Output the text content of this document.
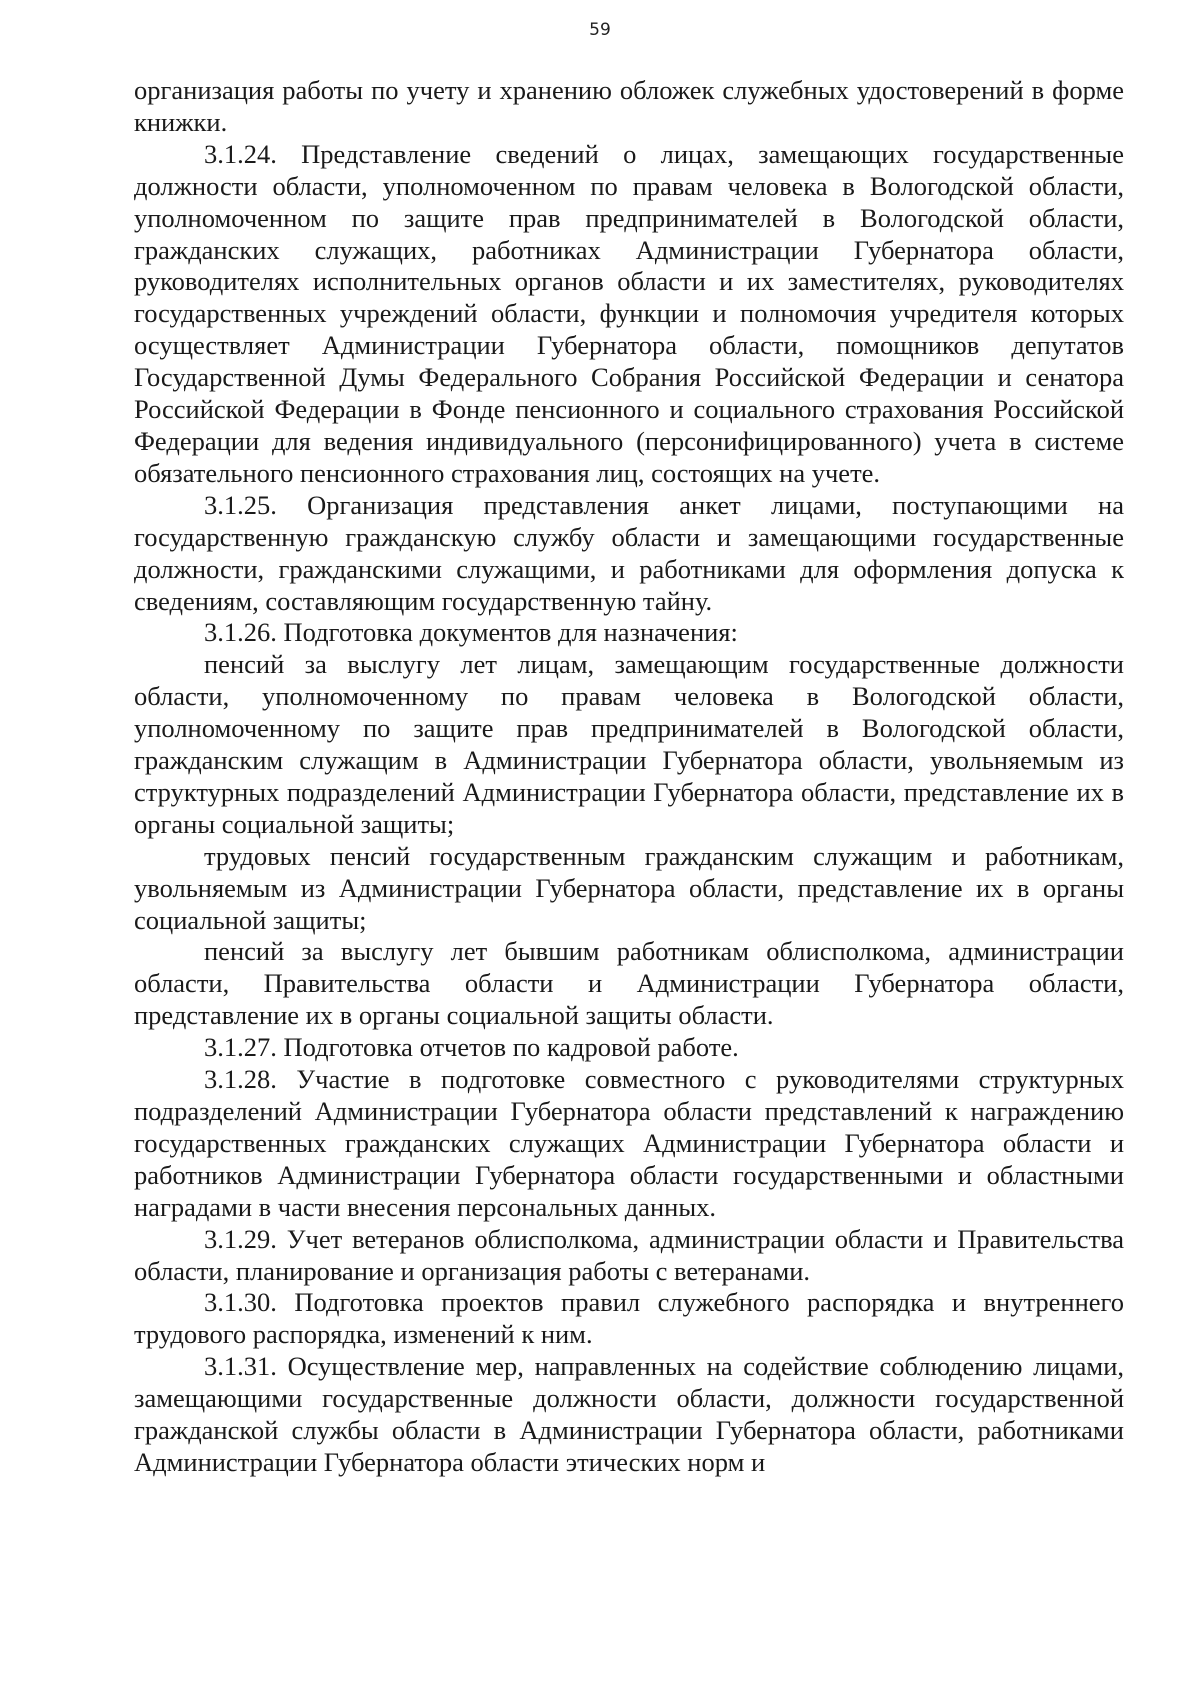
59

организация работы по учету и хранению обложек служебных удостоверений в форме книжки.

3.1.24. Представление сведений о лицах, замещающих государственные должности области, уполномоченном по правам человека в Вологодской области, уполномоченном по защите прав предпринимателей в Вологодской области, гражданских служащих, работниках Администрации Губернатора области, руководителях исполнительных органов области и их заместителях, руководителях государственных учреждений области, функции и полномочия учредителя которых осуществляет Администрации Губернатора области, помощников депутатов Государственной Думы Федерального Собрания Российской Федерации и сенатора Российской Федерации в Фонде пенсионного и социального страхования Российской Федерации для ведения индивидуального (персонифицированного) учета в системе обязательного пенсионного страхования лиц, состоящих на учете.

3.1.25. Организация представления анкет лицами, поступающими на государственную гражданскую службу области и замещающими государственные должности, гражданскими служащими, и работниками для оформления допуска к сведениям, составляющим государственную тайну.

3.1.26. Подготовка документов для назначения:

пенсий за выслугу лет лицам, замещающим государственные должности области, уполномоченному по правам человека в Вологодской области, уполномоченному по защите прав предпринимателей в Вологодской области, гражданским служащим в Администрации Губернатора области, увольняемым из структурных подразделений Администрации Губернатора области, представление их в органы социальной защиты;

трудовых пенсий государственным гражданским служащим и работникам, увольняемым из Администрации Губернатора области, представление их в органы социальной защиты;

пенсий за выслугу лет бывшим работникам облисполкома, администрации области, Правительства области и Администрации Губернатора области, представление их в органы социальной защиты области.

3.1.27. Подготовка отчетов по кадровой работе.

3.1.28. Участие в подготовке совместного с руководителями структурных подразделений Администрации Губернатора области представлений к награждению государственных гражданских служащих Администрации Губернатора области и работников Администрации Губернатора области государственными и областными наградами в части внесения персональных данных.

3.1.29. Учет ветеранов облисполкома, администрации области и Правительства области, планирование и организация работы с ветеранами.

3.1.30. Подготовка проектов правил служебного распорядка и внутреннего трудового распорядка, изменений к ним.

3.1.31. Осуществление мер, направленных на содействие соблюдению лицами, замещающими государственные должности области, должности государственной гражданской службы области в Администрации Губернатора области, работниками Администрации Губернатора области этических норм и
